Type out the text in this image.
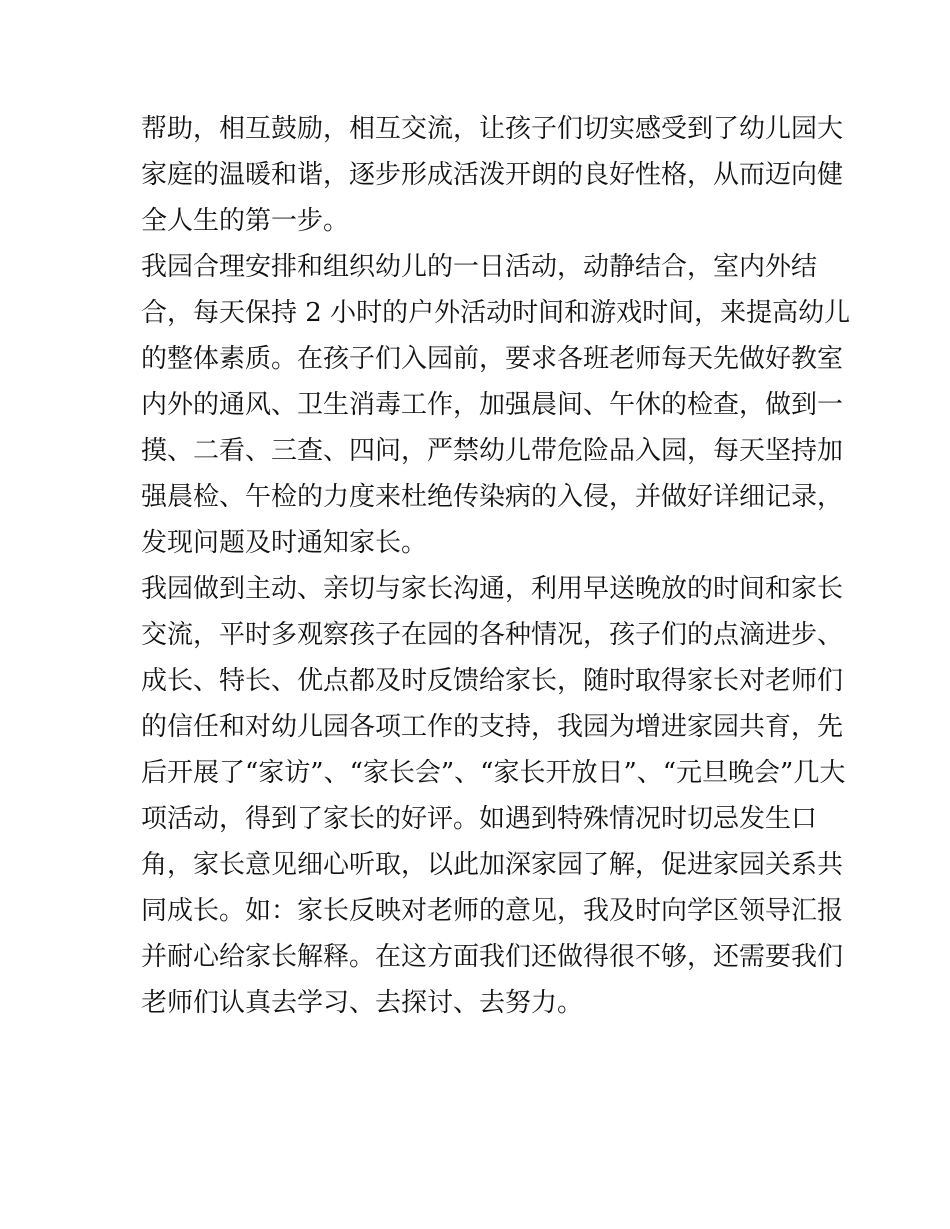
帮助，相互鼓励，相互交流，让孩子们切实感受到了幼儿园大
家庭的温暖和谐，逐步形成活泼开朗的良好性格，从而迈向健
全人生的第一步。
我园合理安排和组织幼儿的一日活动，动静结合，室内外结
合，每天保持 2 小时的户外活动时间和游戏时间，来提高幼儿
的整体素质。在孩子们入园前，要求各班老师每天先做好教室
内外的通风、卫生消毒工作，加强晨间、午休的检查，做到一
摸、二看、三查、四问，严禁幼儿带危险品入园，每天坚持加
强晨检、午检的力度来杜绝传染病的入侵，并做好详细记录，
发现问题及时通知家长。
我园做到主动、亲切与家长沟通，利用早送晚放的时间和家长
交流，平时多观察孩子在园的各种情况，孩子们的点滴进步、
成长、特长、优点都及时反馈给家长，随时取得家长对老师们
的信任和对幼儿园各项工作的支持，我园为增进家园共育，先
后开展了“家访”、“家长会”、“家长开放日”、“元旦晚会”几大
项活动，得到了家长的好评。如遇到特殊情况时切忌发生口
角，家长意见细心听取，以此加深家园了解，促进家园关系共
同成长。如：家长反映对老师的意见，我及时向学区领导汇报
并耐心给家长解释。在这方面我们还做得很不够，还需要我们
老师们认真去学习、去探讨、去努力。
